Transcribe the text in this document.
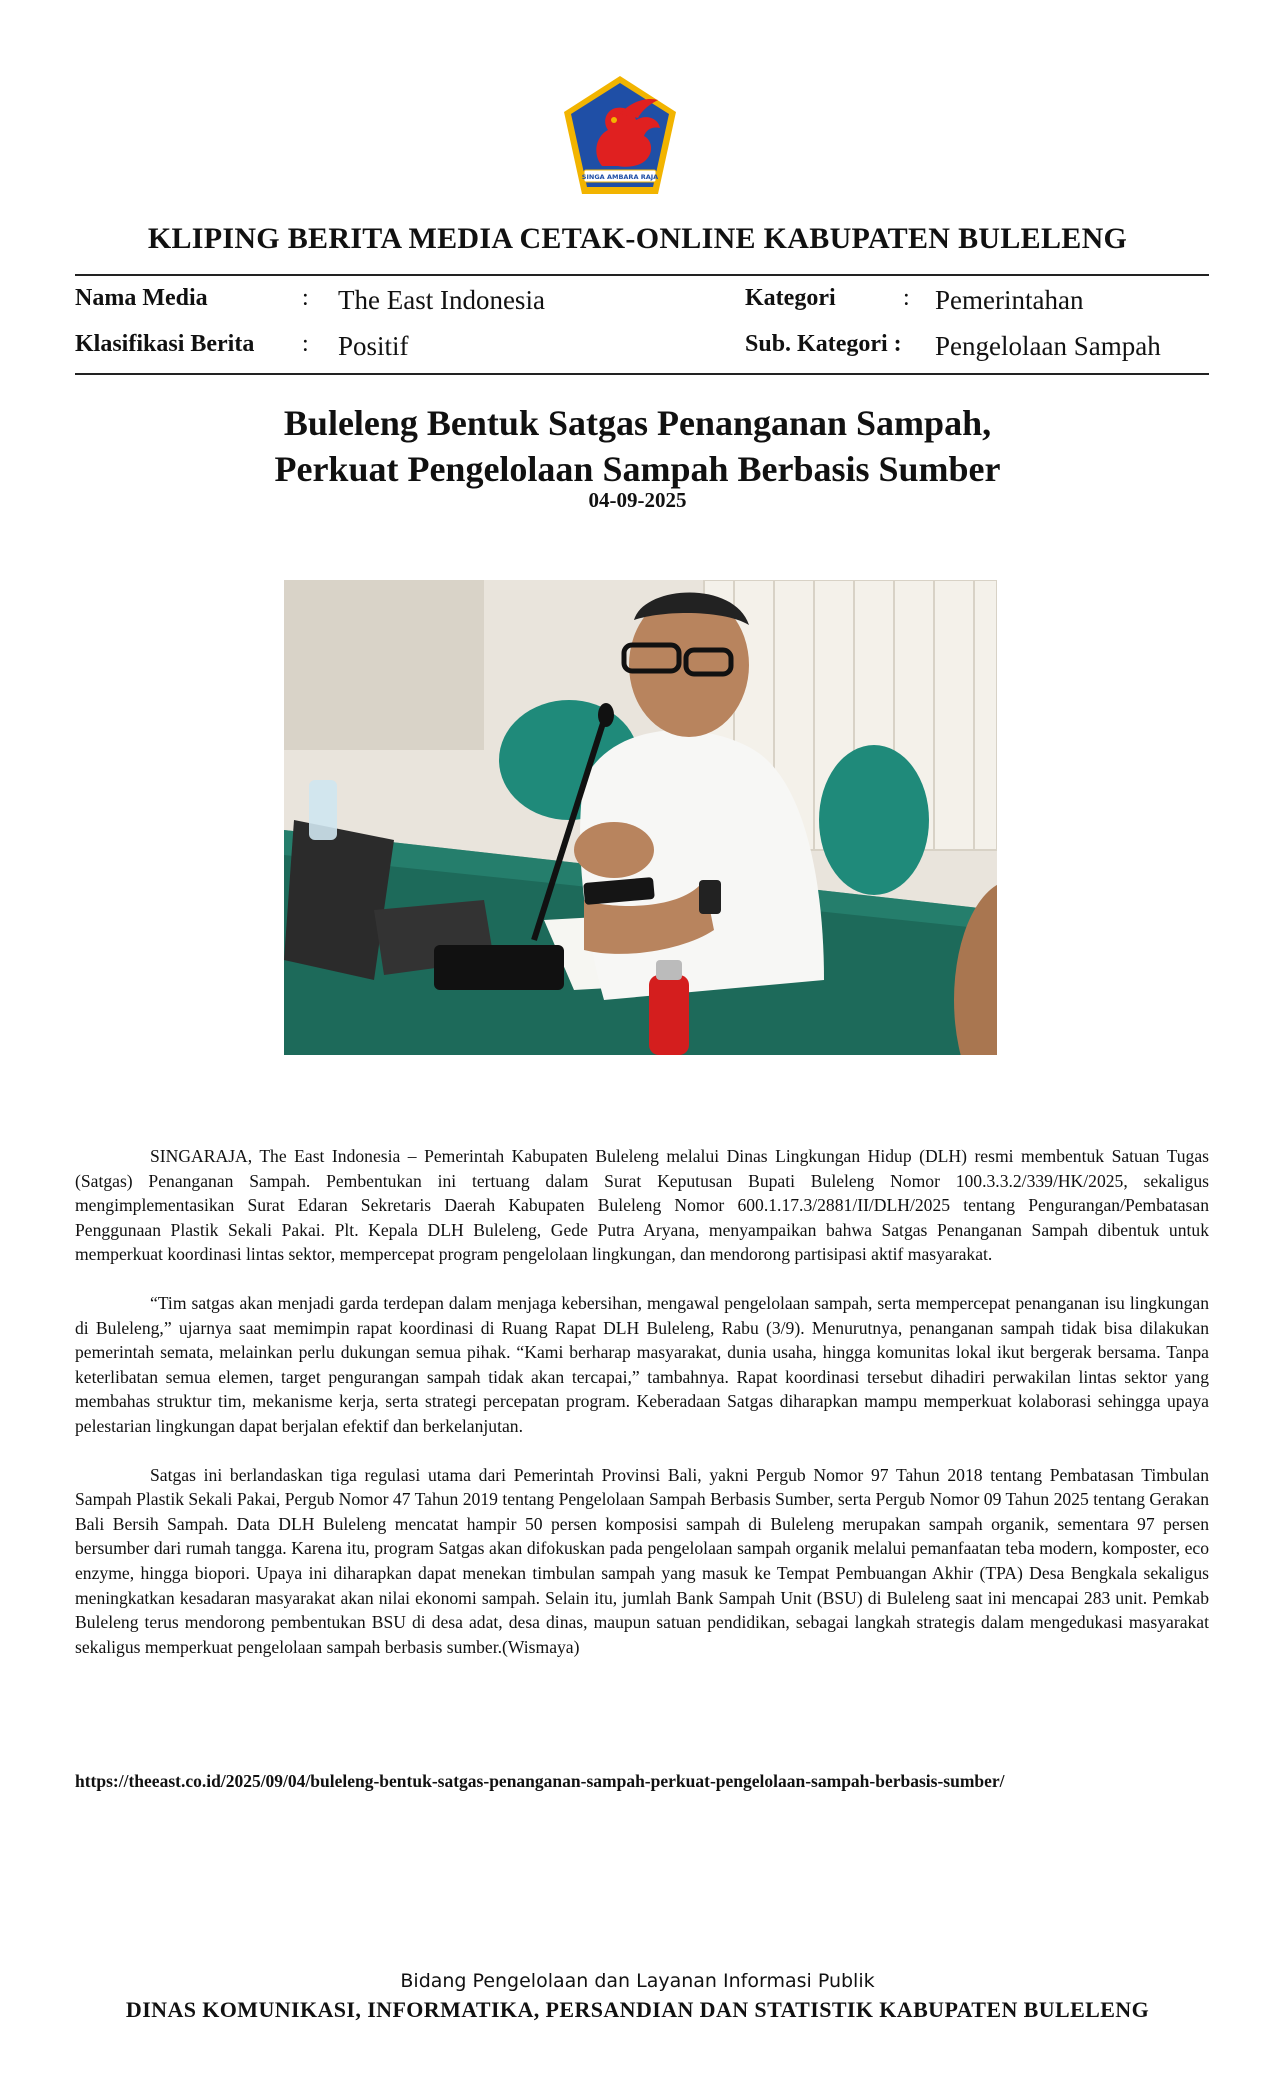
SINGA AMBARA RAJA
KLIPING BERITA MEDIA CETAK-ONLINE KABUPATEN BULELENG
Nama Media	: The East Indonesia	Kategori	: Pemerintahan
Klasifikasi Berita : Positif	Sub. Kategori : Pengelolaan Sampah
Buleleng Bentuk Satgas Penanganan Sampah,
Perkuat Pengelolaan Sampah Berbasis Sumber
04-09-2025

SINGARAJA, The East Indonesia – Pemerintah Kabupaten Buleleng melalui Dinas Lingkungan Hidup (DLH) resmi membentuk Satuan Tugas (Satgas) Penanganan Sampah. Pembentukan ini tertuang dalam Surat Keputusan Bupati Buleleng Nomor 100.3.3.2/339/HK/2025, sekaligus mengimplementasikan Surat Edaran Sekretaris Daerah Kabupaten Buleleng Nomor 600.1.17.3/2881/II/DLH/2025 tentang Pengurangan/Pembatasan Penggunaan Plastik Sekali Pakai. Plt. Kepala DLH Buleleng, Gede Putra Aryana, menyampaikan bahwa Satgas Penanganan Sampah dibentuk untuk memperkuat koordinasi lintas sektor, mempercepat program pengelolaan lingkungan, dan mendorong partisipasi aktif masyarakat.

“Tim satgas akan menjadi garda terdepan dalam menjaga kebersihan, mengawal pengelolaan sampah, serta mempercepat penanganan isu lingkungan di Buleleng,” ujarnya saat memimpin rapat koordinasi di Ruang Rapat DLH Buleleng, Rabu (3/9). Menurutnya, penanganan sampah tidak bisa dilakukan pemerintah semata, melainkan perlu dukungan semua pihak. “Kami berharap masyarakat, dunia usaha, hingga komunitas lokal ikut bergerak bersama. Tanpa keterlibatan semua elemen, target pengurangan sampah tidak akan tercapai,” tambahnya. Rapat koordinasi tersebut dihadiri perwakilan lintas sektor yang membahas struktur tim, mekanisme kerja, serta strategi percepatan program. Keberadaan Satgas diharapkan mampu memperkuat kolaborasi sehingga upaya pelestarian lingkungan dapat berjalan efektif dan berkelanjutan.

Satgas ini berlandaskan tiga regulasi utama dari Pemerintah Provinsi Bali, yakni Pergub Nomor 97 Tahun 2018 tentang Pembatasan Timbulan Sampah Plastik Sekali Pakai, Pergub Nomor 47 Tahun 2019 tentang Pengelolaan Sampah Berbasis Sumber, serta Pergub Nomor 09 Tahun 2025 tentang Gerakan Bali Bersih Sampah. Data DLH Buleleng mencatat hampir 50 persen komposisi sampah di Buleleng merupakan sampah organik, sementara 97 persen bersumber dari rumah tangga. Karena itu, program Satgas akan difokuskan pada pengelolaan sampah organik melalui pemanfaatan teba modern, komposter, eco enzyme, hingga biopori. Upaya ini diharapkan dapat menekan timbulan sampah yang masuk ke Tempat Pembuangan Akhir (TPA) Desa Bengkala sekaligus meningkatkan kesadaran masyarakat akan nilai ekonomi sampah. Selain itu, jumlah Bank Sampah Unit (BSU) di Buleleng saat ini mencapai 283 unit. Pemkab Buleleng terus mendorong pembentukan BSU di desa adat, desa dinas, maupun satuan pendidikan, sebagai langkah strategis dalam mengedukasi masyarakat sekaligus memperkuat pengelolaan sampah berbasis sumber.(Wismaya)

https://theeast.co.id/2025/09/04/buleleng-bentuk-satgas-penanganan-sampah-perkuat-pengelolaan-sampah-berbasis-sumber/
Bidang Pengelolaan dan Layanan Informasi Publik
DINAS KOMUNIKASI, INFORMATIKA, PERSANDIAN DAN STATISTIK KABUPATEN BULELENG
